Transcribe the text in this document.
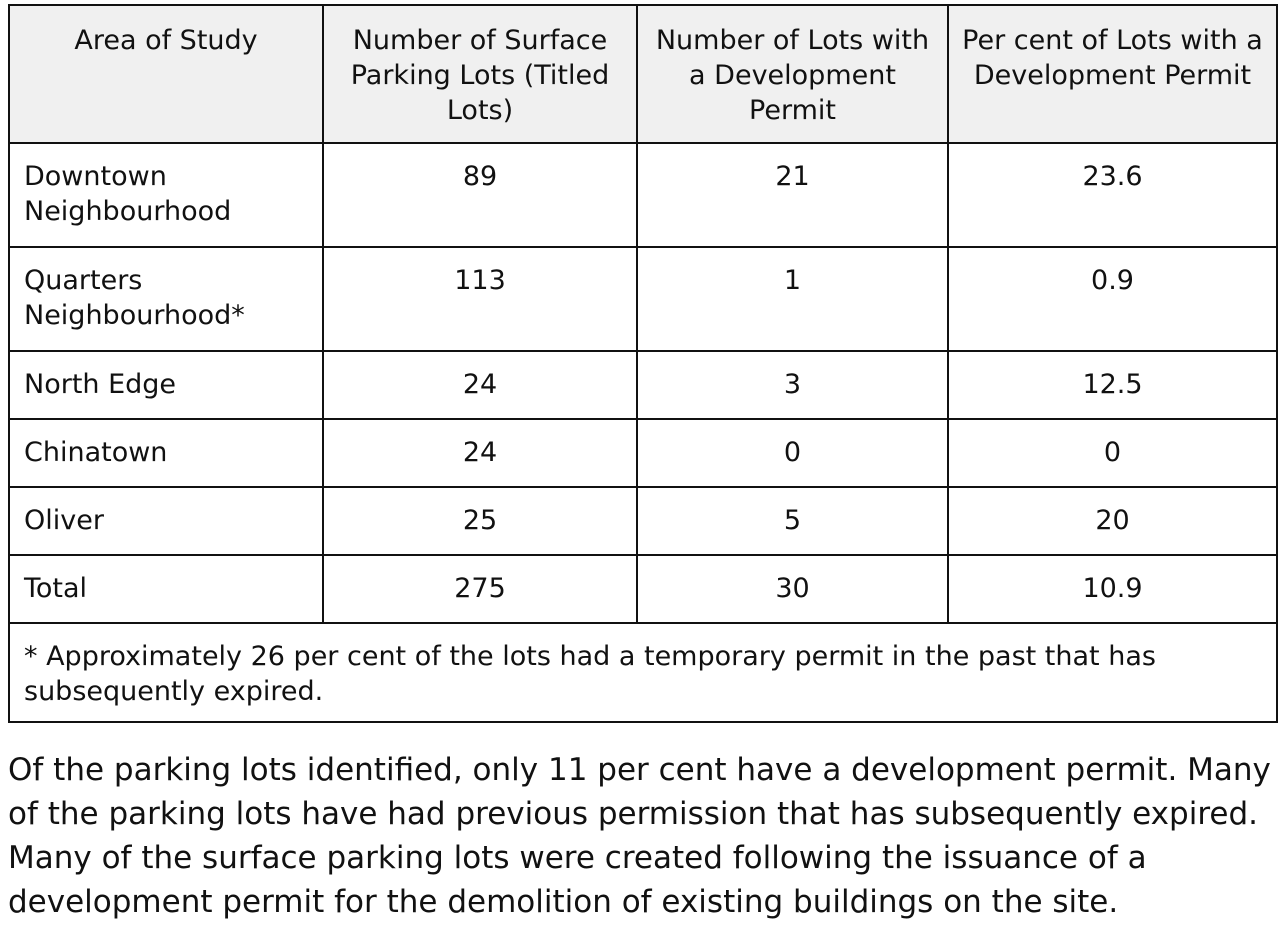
Area of Study	Number of Surface Parking Lots (Titled Lots)	Number of Lots with a Development Permit	Per cent of Lots with a Development Permit
Downtown Neighbourhood	89	21	23.6
Quarters Neighbourhood*	113	1	0.9
North Edge	24	3	12.5
Chinatown	24	0	0
Oliver	25	5	20
Total	275	30	10.9
* Approximately 26 per cent of the lots had a temporary permit in the past that has subsequently expired.			

Of the parking lots identified, only 11 per cent have a development permit. Many of the parking lots have had previous permission that has subsequently expired. Many of the surface parking lots were created following the issuance of a development permit for the demolition of existing buildings on the site.
